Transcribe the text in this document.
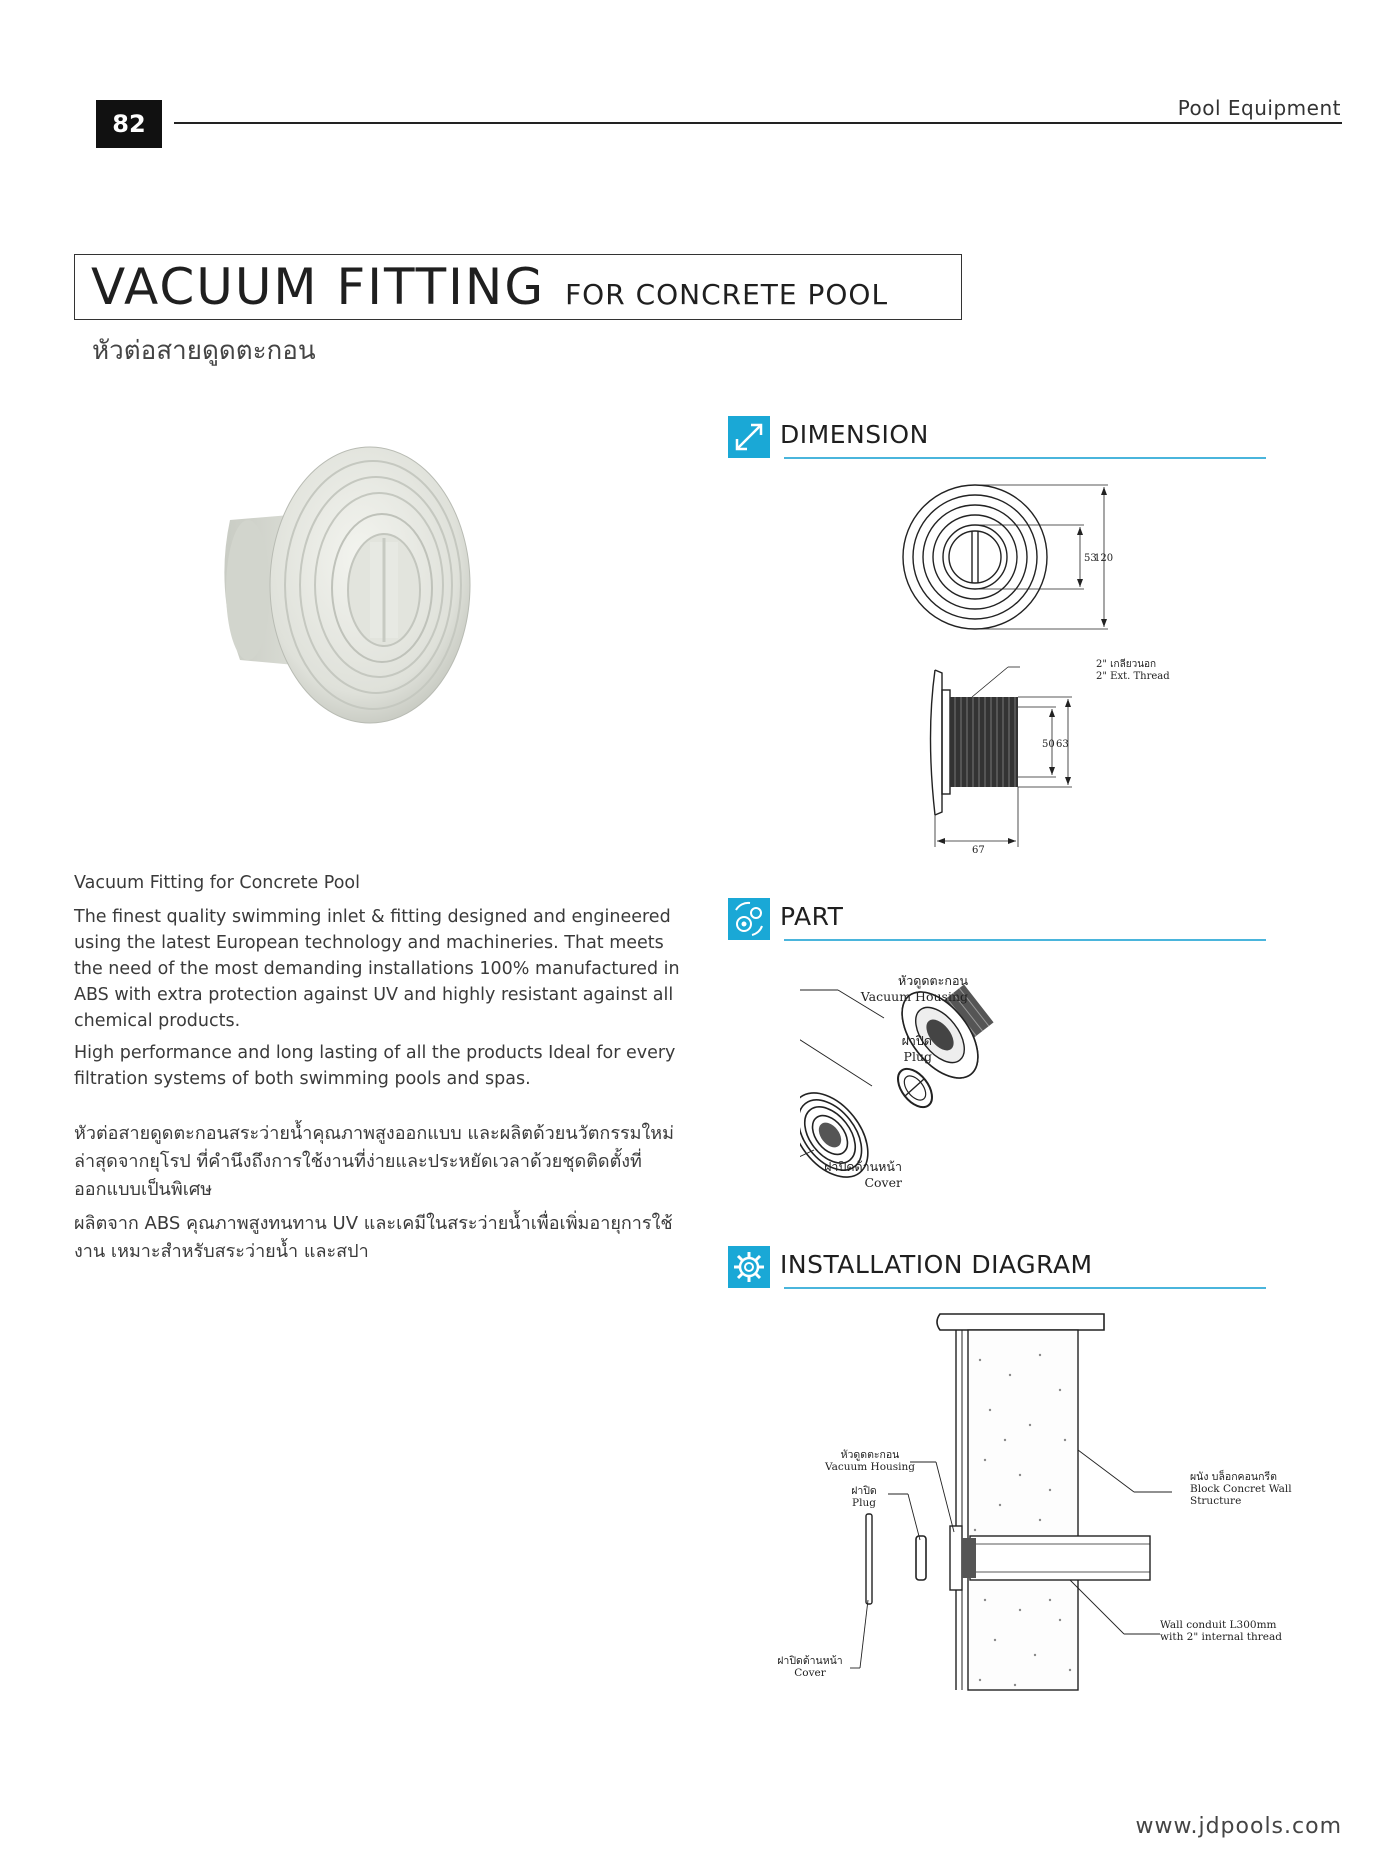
82
Pool Equipment
VACUUM FITTING FOR CONCRETE POOL
หัวต่อสายดูดตะกอน

Vacuum Fitting for Concrete Pool

The finest quality swimming inlet & fitting designed and engineered using the latest European technology and machineries. That meets the need of the most demanding installations 100% manufactured in ABS with extra protection against UV and highly resistant against all chemical products.

High performance and long lasting of all the products Ideal for every filtration systems of both swimming pools and spas.

หัวต่อสายดูดตะกอนสระว่ายน้ำคุณภาพสูงออกแบบ และผลิตด้วยนวัตกรรมใหม่ล่าสุดจากยุโรป ที่คำนึงถึงการใช้งานที่ง่ายและประหยัดเวลาด้วยชุดติดตั้งที่ออกแบบเป็นพิเศษ

ผลิตจาก ABS คุณภาพสูงทนทาน UV และเคมีในสระว่ายน้ำเพื่อเพิ่มอายุการใช้งาน เหมาะสำหรับสระว่ายน้ำ และสปา

DIMENSION
53
120
50 63
67
2" เกลียวนอก
2" Ext. Thread
PART
หัวดูดตะกอน
Vacuum Housing
ฝาปิด
Plug
ฝาปิดด้านหน้า
Cover
INSTALLATION DIAGRAM
หัวดูดตะกอน
Vacuum Housing
ฝาปิด
Plug
ฝาปิดด้านหน้า
Cover
ผนัง บล็อกคอนกรีต
Block Concret Wall
Structure
Wall conduit L300mm
with 2" internal thread
www.jdpools.com
